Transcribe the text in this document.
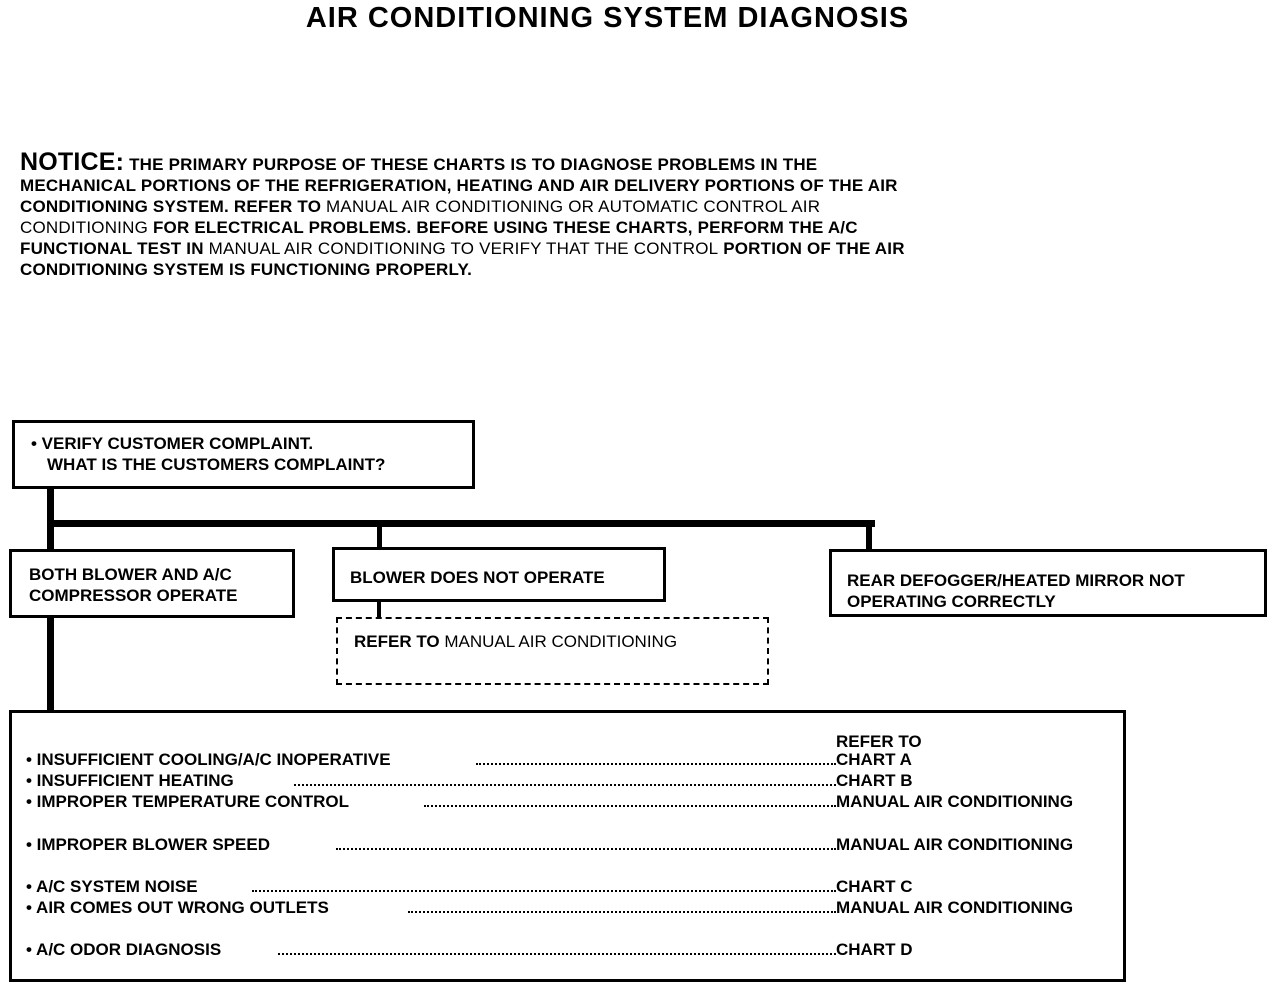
AIR CONDITIONING SYSTEM DIAGNOSIS
NOTICE: THE PRIMARY PURPOSE OF THESE CHARTS IS TO DIAGNOSE PROBLEMS IN THE MECHANICAL PORTIONS OF THE REFRIGERATION, HEATING AND AIR DELIVERY PORTIONS OF THE AIR CONDITIONING SYSTEM. REFER TO MANUAL AIR CONDITIONING OR AUTOMATIC CONTROL AIR CONDITIONING FOR ELECTRICAL PROBLEMS. BEFORE USING THESE CHARTS, PERFORM THE A/C FUNCTIONAL TEST IN MANUAL AIR CONDITIONING TO VERIFY THAT THE CONTROL PORTION OF THE AIR CONDITIONING SYSTEM IS FUNCTIONING PROPERLY.
• VERIFY CUSTOMER COMPLAINT.
WHAT IS THE CUSTOMERS COMPLAINT?
BOTH BLOWER AND A/C
COMPRESSOR OPERATE
BLOWER DOES NOT OPERATE
REFER TO MANUAL AIR CONDITIONING
REAR DEFOGGER/HEATED MIRROR NOT
OPERATING CORRECTLY
REFER TO
• INSUFFICIENT COOLING/A/C INOPERATIVE	CHART A
• INSUFFICIENT HEATING	CHART B
• IMPROPER TEMPERATURE CONTROL	MANUAL AIR CONDITIONING
• IMPROPER BLOWER SPEED	MANUAL AIR CONDITIONING
• A/C SYSTEM NOISE	CHART C
• AIR COMES OUT WRONG OUTLETS	MANUAL AIR CONDITIONING
• A/C ODOR DIAGNOSIS	CHART D
